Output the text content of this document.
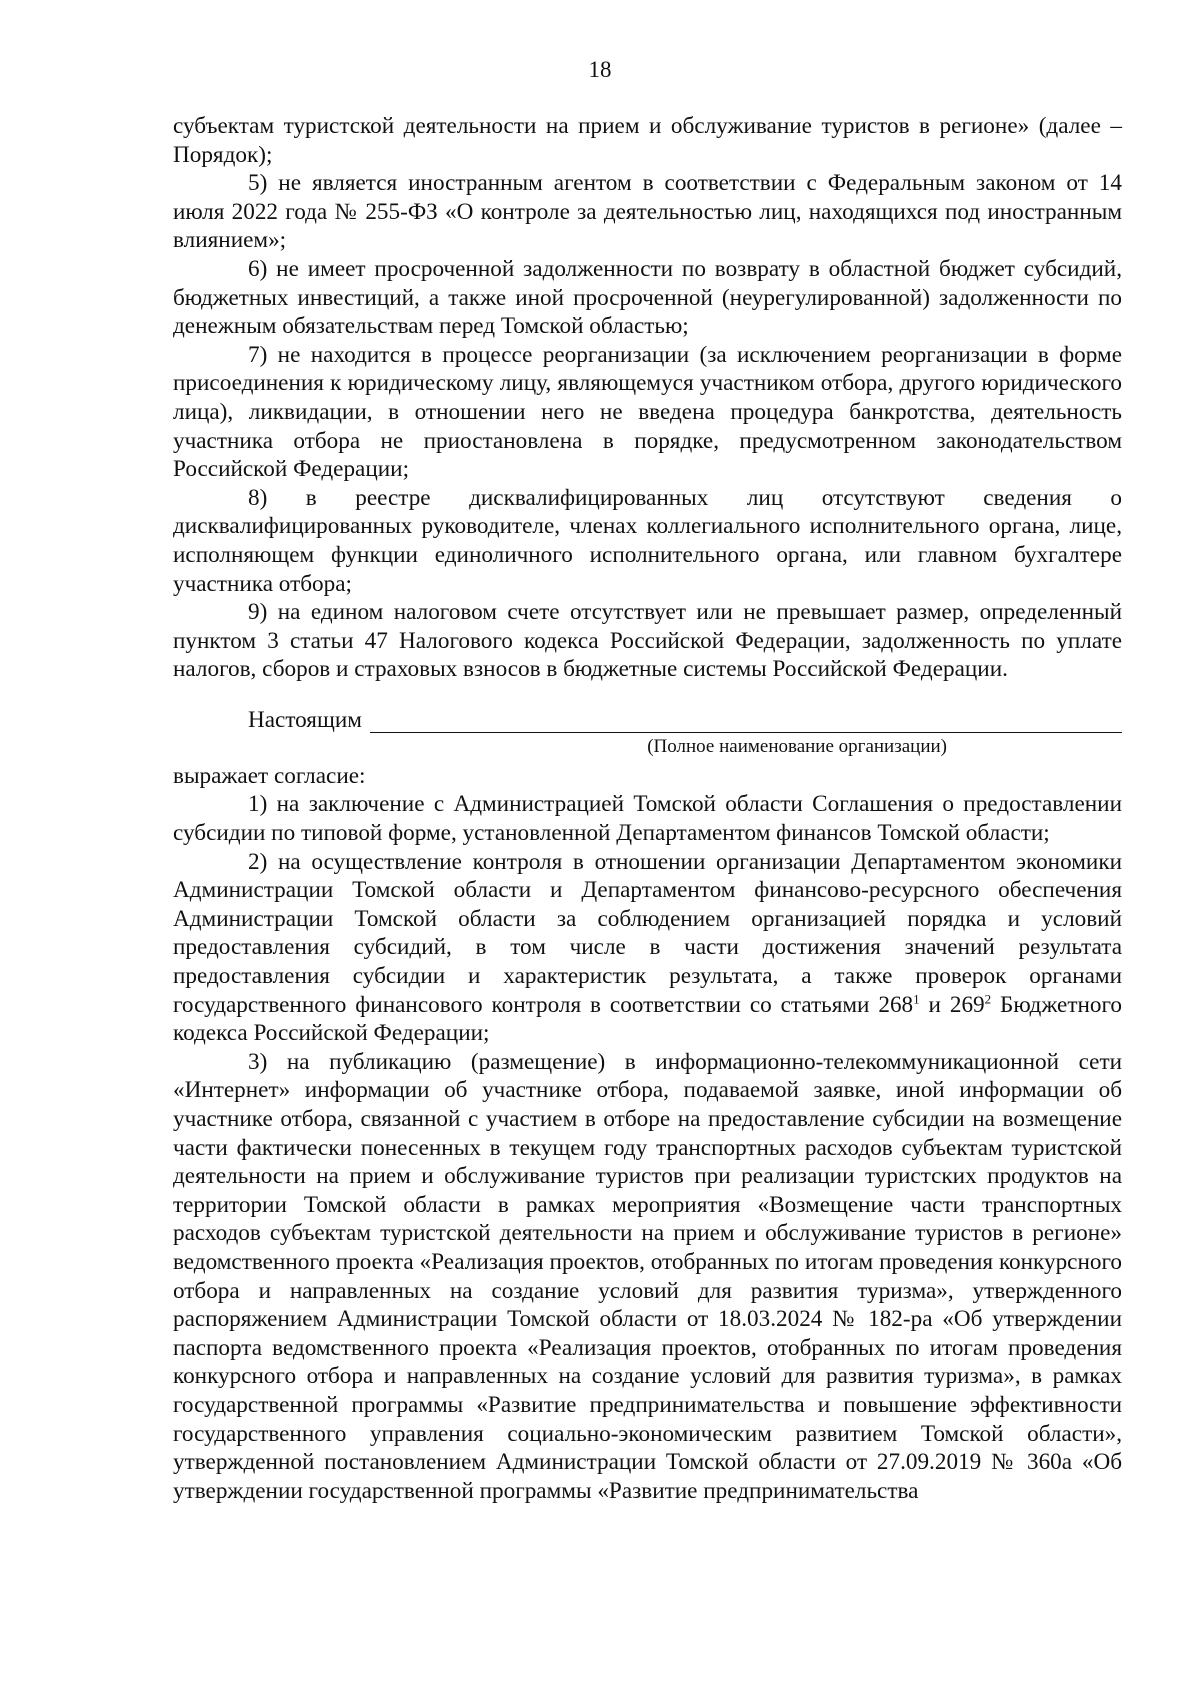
18

субъектам туристской деятельности на прием и обслуживание туристов в регионе» (далее – Порядок);

5) не является иностранным агентом в соответствии с Федеральным законом от 14 июля 2022 года № 255-ФЗ «О контроле за деятельностью лиц, находящихся под иностранным влиянием»;

6) не имеет просроченной задолженности по возврату в областной бюджет субсидий, бюджетных инвестиций, а также иной просроченной (неурегулированной) задолженности по денежным обязательствам перед Томской областью;

7) не находится в процессе реорганизации (за исключением реорганизации в форме присоединения к юридическому лицу, являющемуся участником отбора, другого юридического лица), ликвидации, в отношении него не введена процедура банкротства, деятельность участника отбора не приостановлена в порядке, предусмотренном законодательством Российской Федерации;

8) в реестре дисквалифицированных лиц отсутствуют сведения о дисквалифицированных руководителе, членах коллегиального исполнительного органа, лице, исполняющем функции единоличного исполнительного органа, или главном бухгалтере участника отбора;

9) на едином налоговом счете отсутствует или не превышает размер, определенный пунктом 3 статьи 47 Налогового кодекса Российской Федерации, задолженность по уплате налогов, сборов и страховых взносов в бюджетные системы Российской Федерации.

Настоящим
(Полное наименование организации)

выражает согласие:

1) на заключение с Администрацией Томской области Соглашения о предоставлении субсидии по типовой форме, установленной Департаментом финансов Томской области;

2) на осуществление контроля в отношении организации Департаментом экономики Администрации Томской области и Департаментом финансово-ресурсного обеспечения Администрации Томской области за соблюдением организацией порядка и условий предоставления субсидий, в том числе в части достижения значений результата предоставления субсидии и характеристик результата, а также проверок органами государственного финансового контроля в соответствии со статьями $268^1$ и $269^2$ Бюджетного кодекса Российской Федерации;

3) на публикацию (размещение) в информационно-телекоммуникационной сети «Интернет» информации об участнике отбора, подаваемой заявке, иной информации об участнике отбора, связанной с участием в отборе на предоставление субсидии на возмещение части фактически понесенных в текущем году транспортных расходов субъектам туристской деятельности на прием и обслуживание туристов при реализации туристских продуктов на территории Томской области в рамках мероприятия «Возмещение части транспортных расходов субъектам туристской деятельности на прием и обслуживание туристов в регионе» ведомственного проекта «Реализация проектов, отобранных по итогам проведения конкурсного отбора и направленных на создание условий для развития туризма», утвержденного распоряжением Администрации Томской области от 18.03.2024 № 182-ра «Об утверждении паспорта ведомственного проекта «Реализация проектов, отобранных по итогам проведения конкурсного отбора и направленных на создание условий для развития туризма», в рамках государственной программы «Развитие предпринимательства и повышение эффективности государственного управления социально-экономическим развитием Томской области», утвержденной постановлением Администрации Томской области от 27.09.2019 № 360а «Об утверждении государственной программы «Развитие предпринимательства
